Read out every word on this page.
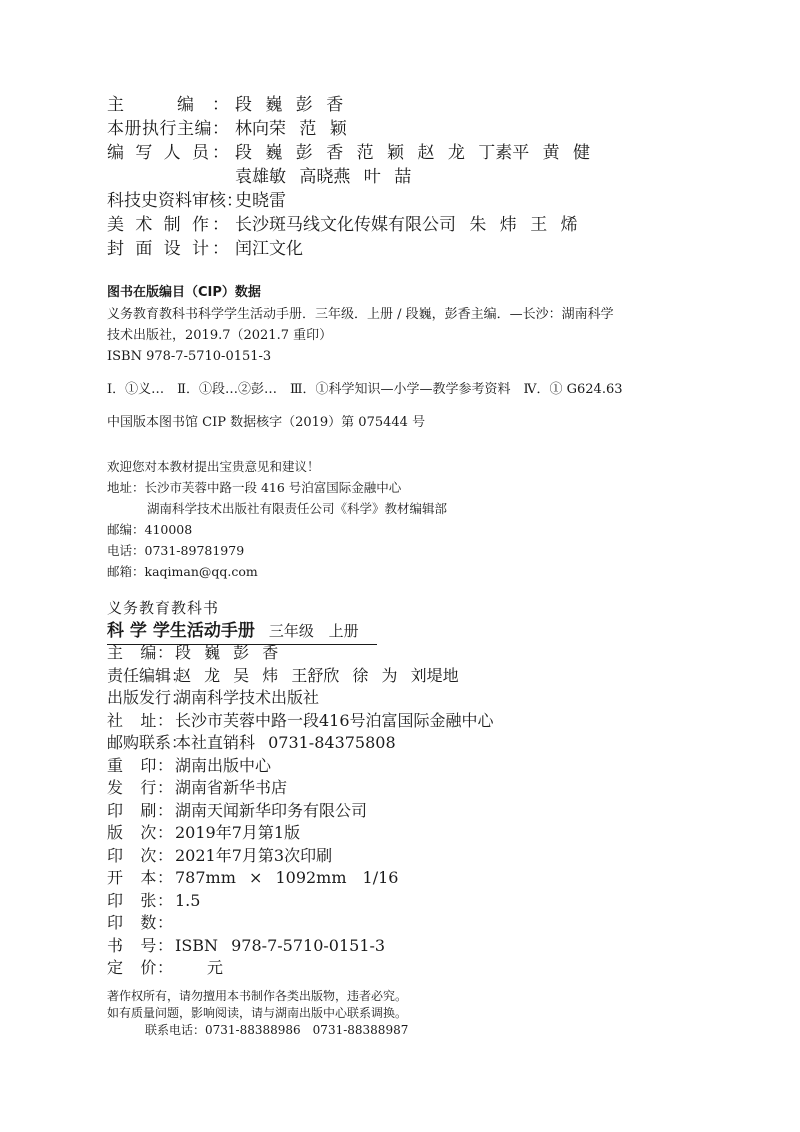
主　编： 段 巍 彭 香
本册执行主编： 林向荣 范 颖
编 写 人 员： 段 巍 彭 香 范 颖 赵 龙 丁素平 黄 健
袁雄敏 高晓燕 叶 喆
科技史资料审核：史晓雷
美 术 制 作： 长沙斑马线文化传媒有限公司 朱 炜 王 烯
封 面 设 计： 闰江文化
图书在版编目（CIP）数据
义务教育教科书科学学生活动手册．三年级．上册 / 段巍，彭香主编．—长沙：湖南科学
技术出版社，2019.7（2021.7 重印）
ISBN 978-7-5710-0151-3
Ⅰ．①义…　Ⅱ．①段…②彭…　Ⅲ．①科学知识—小学—教学参考资料　Ⅳ．① G624.63
中国版本图书馆 CIP 数据核字（2019）第 075444 号
欢迎您对本教材提出宝贵意见和建议！
地址：长沙市芙蓉中路一段 416 号泊富国际金融中心
湖南科学技术出版社有限责任公司《科学》教材编辑部
邮编：410008
电话：0731-89781979
邮箱：kaqiman@qq.com
义务教育教科书
科 学 学生活动手册 三年级 上册
主　编： 段 巍 彭 香
责任编辑：赵 龙 吴 炜 王舒欣 徐 为 刘堤地
出版发行：湖南科学技术出版社
社　址： 长沙市芙蓉中路一段416号泊富国际金融中心
邮购联系：本社直销科 0731-84375808
重　印： 湖南出版中心
发　行： 湖南省新华书店
印　刷： 湖南天闻新华印务有限公司
版　次： 2019年7月第1版
印　次： 2021年7月第3次印刷
开　本： 787mm × 1092mm　1/16
印　张： 1.5
印　数：
书　号： ISBN 978-7-5710-0151-3
定　价：　　元
著作权所有，请勿擅用本书制作各类出版物，违者必究。
如有质量问题，影响阅读，请与湖南出版中心联系调换。
联系电话：0731-88388986　0731-88388987
